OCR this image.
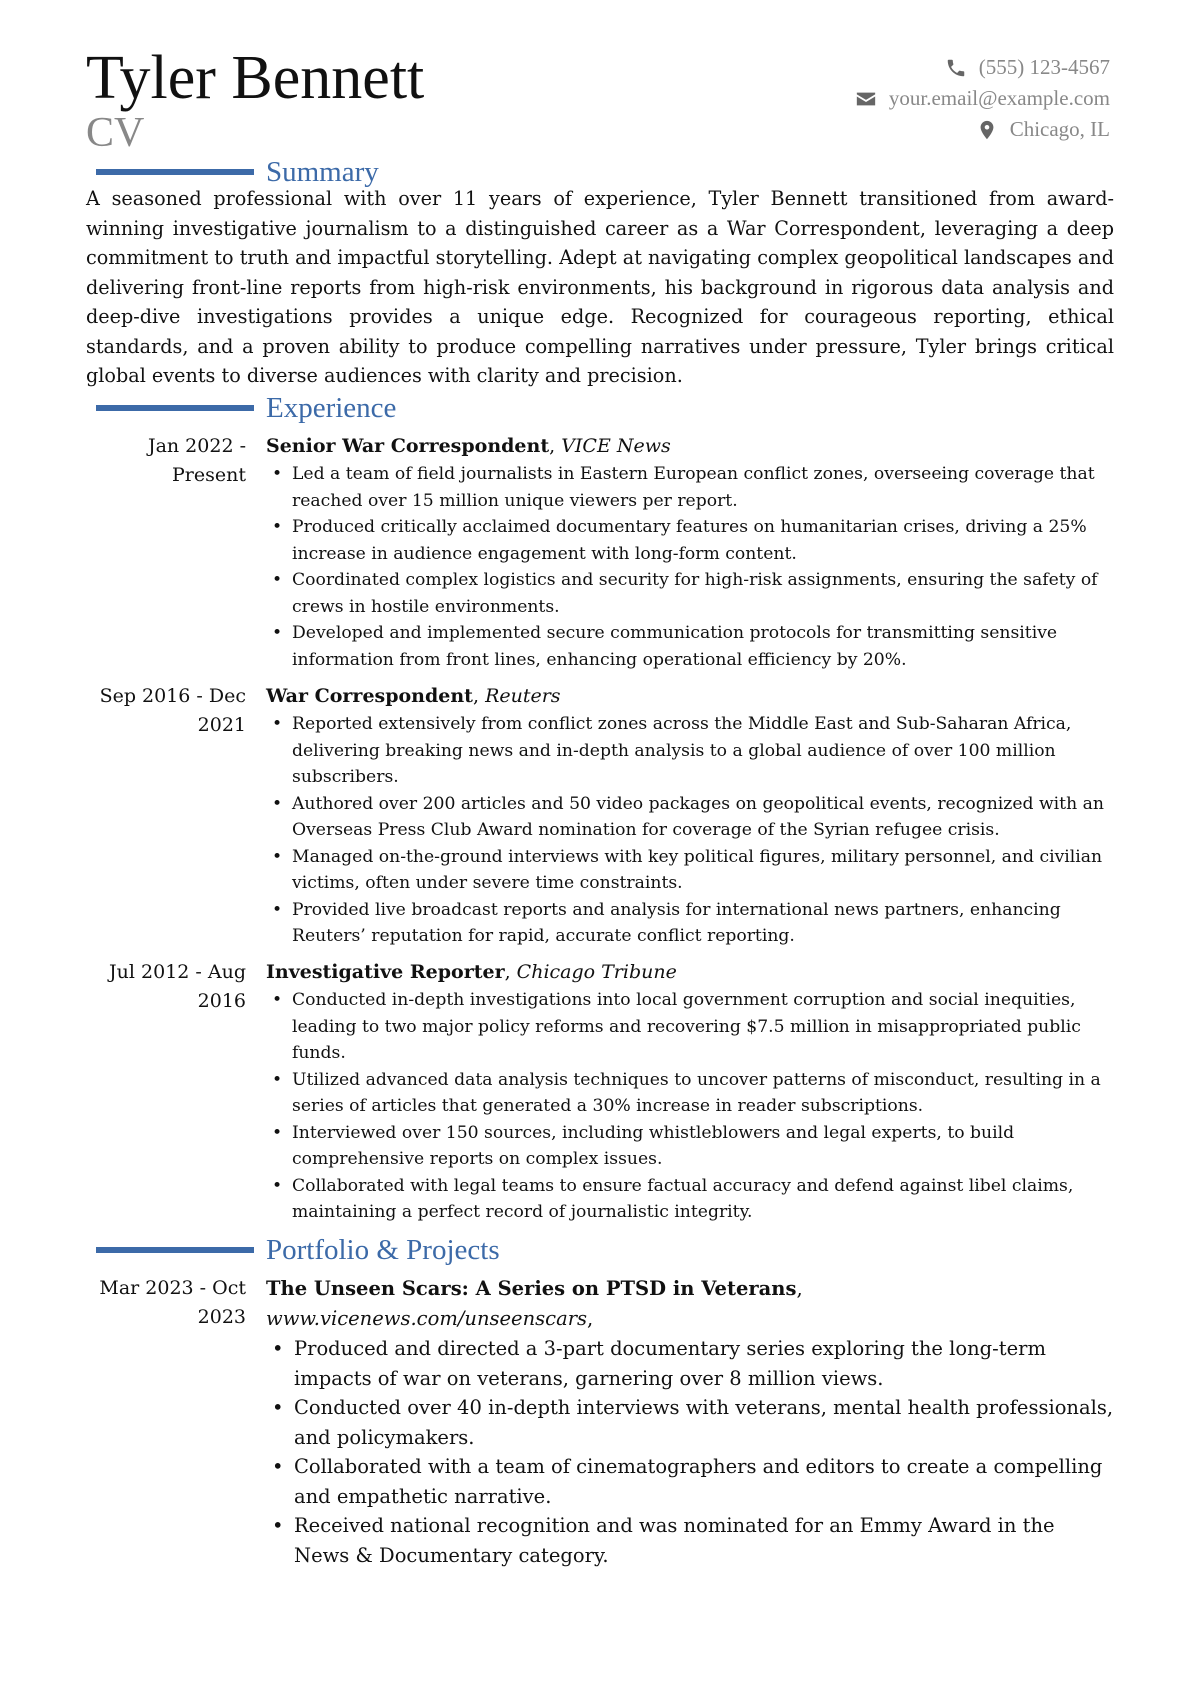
Tyler Bennett
CV
(555) 123-4567
your.email@example.com
Chicago, IL
Summary
A seasoned professional with over 11 years of experience, Tyler Bennett transitioned from award-winning investigative journalism to a distinguished career as a War Correspondent, leveraging a deep commitment to truth and impactful storytelling. Adept at navigating complex geopolitical landscapes and delivering front-line reports from high-risk environments, his background in rigorous data analysis and deep-dive investigations provides a unique edge. Recognized for courageous reporting, ethical standards, and a proven ability to produce compelling narratives under pressure, Tyler brings critical global events to diverse audiences with clarity and precision.
Experience
Jan 2022 - Present
Senior War Correspondent, VICE News
• Led a team of field journalists in Eastern European conflict zones, overseeing coverage that reached over 15 million unique viewers per report.
• Produced critically acclaimed documentary features on humanitarian crises, driving a 25% increase in audience engagement with long-form content.
• Coordinated complex logistics and security for high-risk assignments, ensuring the safety of crews in hostile environments.
• Developed and implemented secure communication protocols for transmitting sensitive information from front lines, enhancing operational efficiency by 20%.
Sep 2016 - Dec 2021
War Correspondent, Reuters
• Reported extensively from conflict zones across the Middle East and Sub-Saharan Africa, delivering breaking news and in-depth analysis to a global audience of over 100 million subscribers.
• Authored over 200 articles and 50 video packages on geopolitical events, recognized with an Overseas Press Club Award nomination for coverage of the Syrian refugee crisis.
• Managed on-the-ground interviews with key political figures, military personnel, and civilian victims, often under severe time constraints.
• Provided live broadcast reports and analysis for international news partners, enhancing Reuters’ reputation for rapid, accurate conflict reporting.
Jul 2012 - Aug 2016
Investigative Reporter, Chicago Tribune
• Conducted in-depth investigations into local government corruption and social inequities, leading to two major policy reforms and recovering $7.5 million in misappropriated public funds.
• Utilized advanced data analysis techniques to uncover patterns of misconduct, resulting in a series of articles that generated a 30% increase in reader subscriptions.
• Interviewed over 150 sources, including whistleblowers and legal experts, to build comprehensive reports on complex issues.
• Collaborated with legal teams to ensure factual accuracy and defend against libel claims, maintaining a perfect record of journalistic integrity.
Portfolio & Projects
Mar 2023 - Oct 2023
The Unseen Scars: A Series on PTSD in Veterans, www.vicenews.com/unseenscars,
• Produced and directed a 3-part documentary series exploring the long-term impacts of war on veterans, garnering over 8 million views.
• Conducted over 40 in-depth interviews with veterans, mental health professionals, and policymakers.
• Collaborated with a team of cinematographers and editors to create a compelling and empathetic narrative.
• Received national recognition and was nominated for an Emmy Award in the News & Documentary category.
